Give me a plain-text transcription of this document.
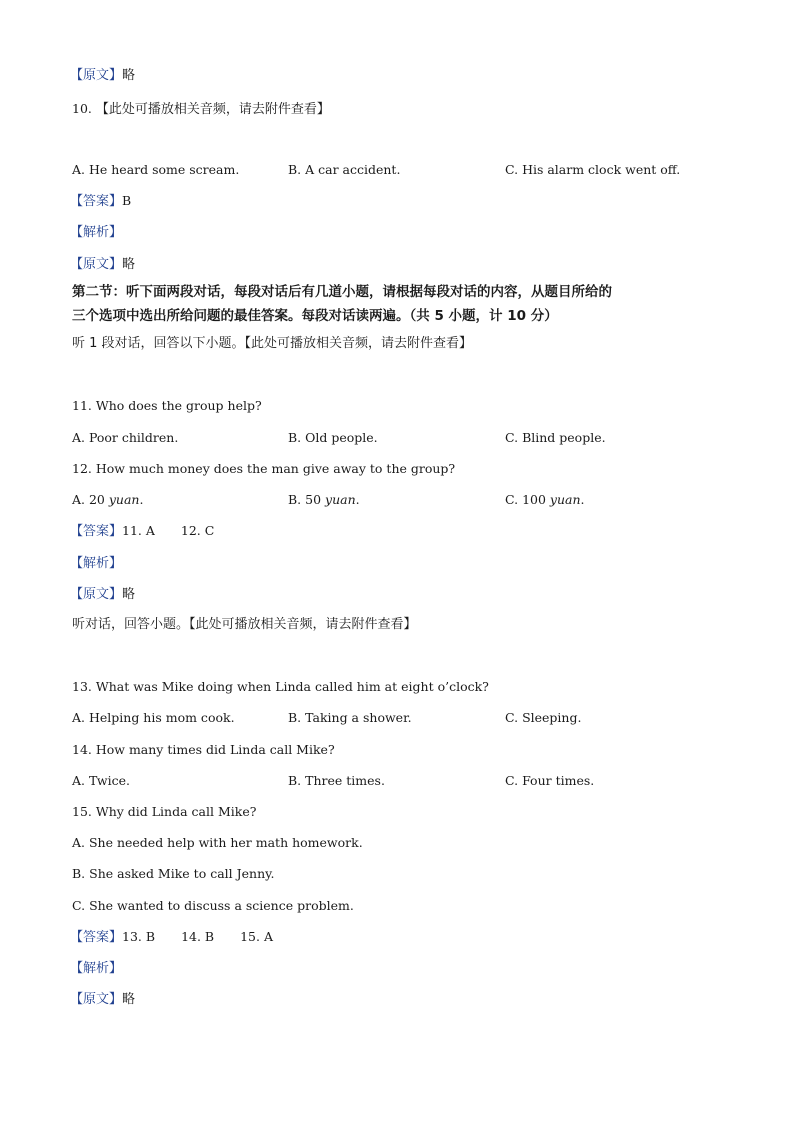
【原文】略
10. 【此处可播放相关音频，请去附件查看】
A. He heard some scream.	B. A car accident.	C. His alarm clock went off.
【答案】B
【解析】
【原文】略
第二节：听下面两段对话，每段对话后有几道小题，请根据每段对话的内容，从题目所给的
三个选项中选出所给问题的最佳答案。每段对话读两遍。（共 5 小题，计 10 分）
听 1 段对话，回答以下小题。【此处可播放相关音频，请去附件查看】
11. Who does the group help?
A. Poor children.	B. Old people.	C. Blind people.
12. How much money does the man give away to the group?
A. 20 yuan.	B. 50 yuan.	C. 100 yuan.
【答案】11. A 12. C
【解析】
【原文】略
听对话，回答小题。【此处可播放相关音频，请去附件查看】
13. What was Mike doing when Linda called him at eight o’clock?
A. Helping his mom cook.	B. Taking a shower.	C. Sleeping.
14. How many times did Linda call Mike?
A. Twice.	B. Three times.	C. Four times.
15. Why did Linda call Mike?
A. She needed help with her math homework.
B. She asked Mike to call Jenny.
C. She wanted to discuss a science problem.
【答案】13. B 14. B 15. A
【解析】
【原文】略
